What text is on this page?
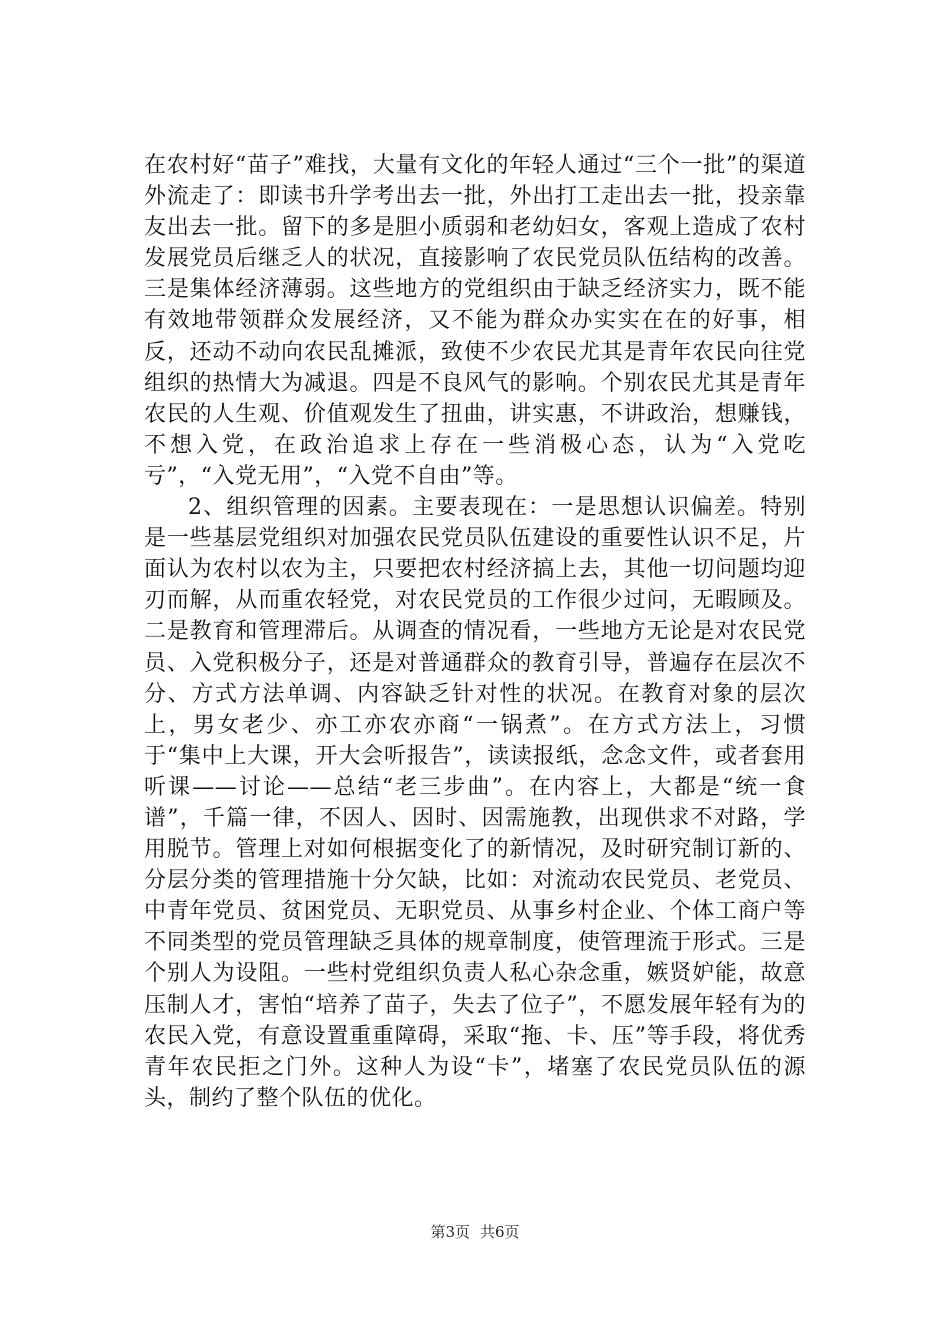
在农村好“苗子”难找，大量有文化的年轻人通过“三个一批”的渠道外流走了：即读书升学考出去一批，外出打工走出去一批，投亲靠友出去一批。留下的多是胆小质弱和老幼妇女，客观上造成了农村发展党员后继乏人的状况，直接影响了农民党员队伍结构的改善。三是集体经济薄弱。这些地方的党组织由于缺乏经济实力，既不能有效地带领群众发展经济，又不能为群众办实实在在的好事，相反，还动不动向农民乱摊派，致使不少农民尤其是青年农民向往党组织的热情大为减退。四是不良风气的影响。个别农民尤其是青年农民的人生观、价值观发生了扭曲，讲实惠，不讲政治，想赚钱，不想入党，在政治追求上存在一些消极心态，认为“入党吃亏”，“入党无用”，“入党不自由”等。

2、组织管理的因素。主要表现在：一是思想认识偏差。特别是一些基层党组织对加强农民党员队伍建设的重要性认识不足，片面认为农村以农为主，只要把农村经济搞上去，其他一切问题均迎刃而解，从而重农轻党，对农民党员的工作很少过问，无暇顾及。二是教育和管理滞后。从调查的情况看，一些地方无论是对农民党员、入党积极分子，还是对普通群众的教育引导，普遍存在层次不分、方式方法单调、内容缺乏针对性的状况。在教育对象的层次上，男女老少、亦工亦农亦商“一锅煮”。在方式方法上，习惯于“集中上大课，开大会听报告”，读读报纸，念念文件，或者套用听课——讨论——总结“老三步曲”。在内容上，大都是“统一食谱”，千篇一律，不因人、因时、因需施教，出现供求不对路，学用脱节。管理上对如何根据变化了的新情况，及时研究制订新的、分层分类的管理措施十分欠缺，比如：对流动农民党员、老党员、中青年党员、贫困党员、无职党员、从事乡村企业、个体工商户等不同类型的党员管理缺乏具体的规章制度，使管理流于形式。三是个别人为设阻。一些村党组织负责人私心杂念重，嫉贤妒能，故意压制人才，害怕“培养了苗子，失去了位子”，不愿发展年轻有为的农民入党，有意设置重重障碍，采取“拖、卡、压”等手段，将优秀青年农民拒之门外。这种人为设“卡”，堵塞了农民党员队伍的源头，制约了整个队伍的优化。

第3页 共6页
